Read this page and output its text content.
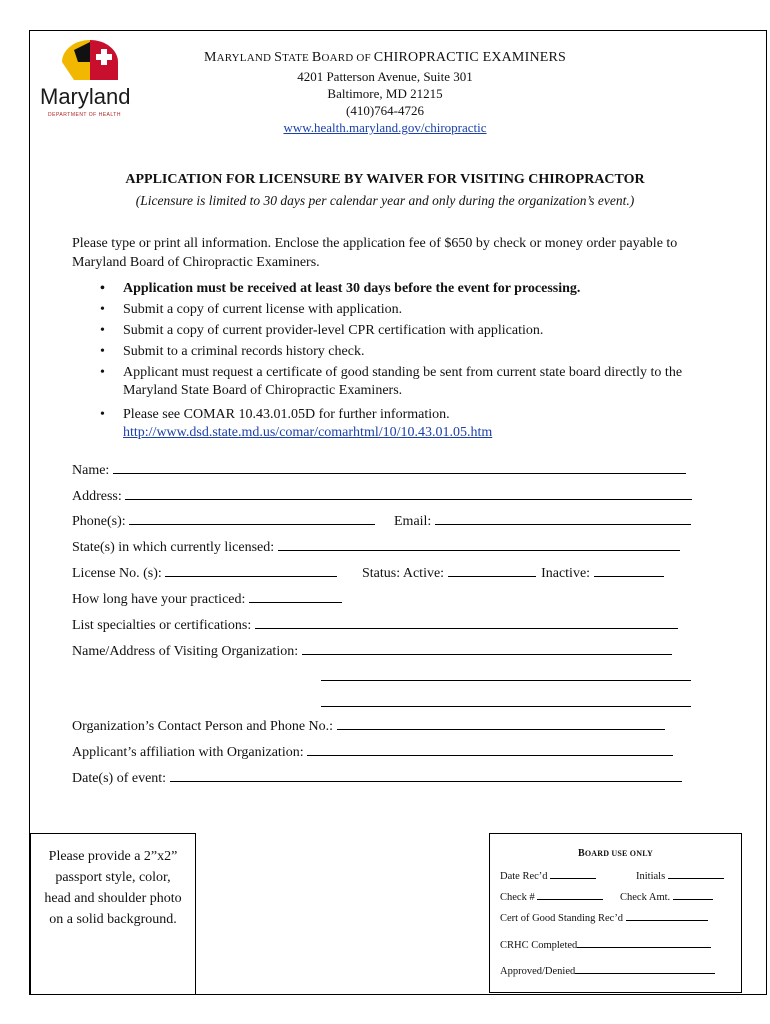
Maryland
DEPARTMENT OF HEALTH
MARYLAND STATE BOARD OF CHIROPRACTIC EXAMINERS
4201 Patterson Avenue, Suite 301
Baltimore, MD 21215
(410)764-4726
www.health.maryland.gov/chiropractic
APPLICATION FOR LICENSURE BY WAIVER FOR VISITING CHIROPRACTOR
(Licensure is limited to 30 days per calendar year and only during the organization’s event.)
Please type or print all information. Enclose the application fee of $650 by check or money order payable to Maryland Board of Chiropractic Examiners.
• Application must be received at least 30 days before the event for processing.
• Submit a copy of current license with application.
• Submit a copy of current provider-level CPR certification with application.
• Submit to a criminal records history check.
• Applicant must request a certificate of good standing be sent from current state board directly to the Maryland State Board of Chiropractic Examiners.
• Please see COMAR 10.43.01.05D for further information.
http://www.dsd.state.md.us/comar/comarhtml/10/10.43.01.05.htm
Name:
Address:
Phone(s):	Email:
State(s) in which currently licensed:
License No. (s):	Status: Active:	Inactive:
How long have your practiced:
List specialties or certifications:
Name/Address of Visiting Organization:
Organization’s Contact Person and Phone No.:
Applicant’s affiliation with Organization:
Date(s) of event:
Please provide a 2”x2”
passport style, color,
head and shoulder photo
on a solid background.
BOARD USE ONLY
Date Rec’d	Initials
Check #	Check Amt.
Cert of Good Standing Rec’d
CRHC Completed
Approved/Denied
